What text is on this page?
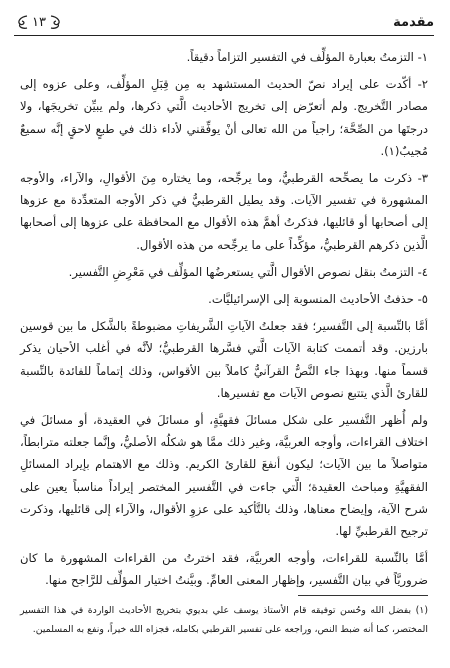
مقدمة
١٣

١- التزمتُ بعبارة المؤلِّف في التفسير التزاماً دقيقاً.

٢- أكّدت على إيراد نصّ الحديث المستشهد به مِن قِبَلِ المؤلِّف، وعلى عزوه إلى مصادر التَّخريج. ولم أتعرّض إلى تخريج الأحاديث الَّتي ذكرها، ولم يبيِّن تخريجَها، ولا درجتَها من الصِّحَّة؛ راجياً من الله تعالى أنْ يوفِّقني لأداء ذلك في طبعٍ لاحقٍ إنَّه سميعٌ مُجيبٌ(١).

٣- ذكرت ما يصحِّحه القرطبيُّ، وما يرجِّحه، وما يختاره مِنَ الأقوالِ، والآراء، والأوجه المشهورة في تفسير الآيات. وقد يطيل القرطبيُّ في ذكر الأوجه المتعدِّدة مع عزوها إلى أصحابها أو قائليها، فذكرتُ أهمَّ هذه الأقوال مع المحافظة على عزوها إلى أصحابها الَّذين ذكرهم القرطبيُّ، مؤكِّداً على ما يرجِّحه من هذه الأقوال.

٤- التزمتُ بنقل نصوص الأقوال الَّتي يستعرضُها المؤلِّف في مَعْرِضِ التَّفسير.

٥- حذفتُ الأحاديث المنسوبة إلى الإسرائيليَّات.

أمَّا بالنِّسبة إلى التَّفسير؛ فقد جعلتُ الآياتِ الشَّريفاتِ مضبوطةً بالشَّكل ما بين قوسين بارزين. وقد أتممت كتابة الآيات الَّتي فسَّرها القرطبيُّ؛ لأنَّه في أغلب الأحيان يذكر قسماً منها. وبهذا جاء النَّصُّ القرآنيُّ كاملاً بين الأقواس، وذلك إتماماً للفائدة بالنِّسبة للقارئ الَّذي يتتبع نصوص الآيات مع تفسيرها.

ولم أُظهر التَّفسير على شكل مسائلَ فقهيَّةٍ، أو مسائلَ في العقيدة، أو مسائلَ في اختلاف القراءات، وأوجه العربيَّة، وغير ذلك ممَّا هو شكلُه الأصليُّ، وإنَّما جعلته مترابطاً، متواصلاً ما بين الآيات؛ ليكون أنفعَ للقارئ الكريم. وذلك مع الاهتمام بإيراد المسائلِ الفقهيَّةِ ومباحث العقيدة؛ الَّتي جاءت في التَّفسير المختصر إيراداً مناسباً يعين على شرح الآية، وإيضاح معناها، وذلك بالتَّأكيد على عزوِ الأقوال، والآراء إلى قائليها، وذكرت ترجيح القرطبيِّ لها.

أمَّا بالنِّسبة للقراءات، وأوجه العربيَّة، فقد اخترتُ من القراءات المشهورة ما كان ضروريَّاً في بيان التَّفسير، وإظهار المعنى العامِّ. وبيَّنتُ اختيار المؤلِّف للرَّاجح منها.

(١) بفضل الله وحُسن توفيقه قام الأستاذ يوسف علي بديوي بتخريج الأحاديث الواردة في هذا التفسير المختصر، كما أنه ضبط النص، وراجعه على تفسير القرطبي بكامله، فجزاه الله خيراً، ونفع به المسلمين.
